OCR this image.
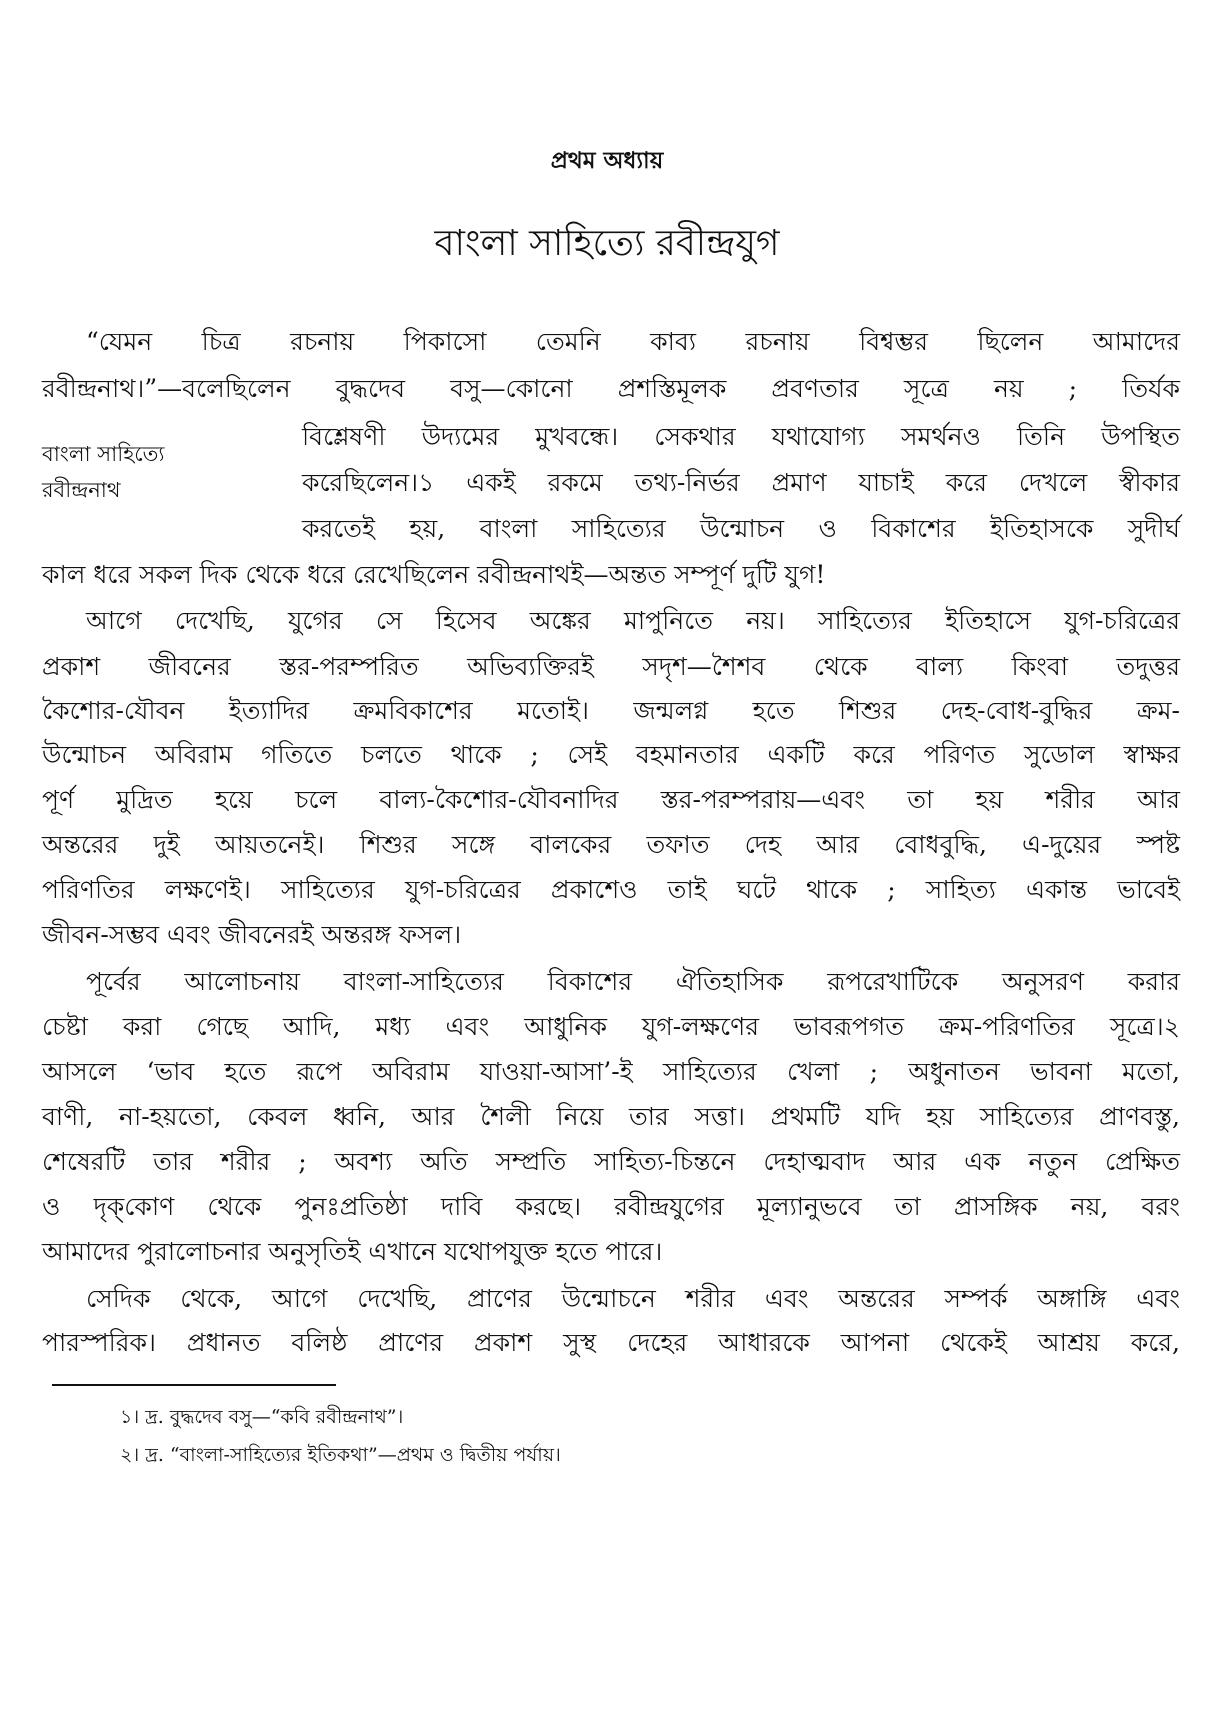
প্রথম অধ্যায়
বাংলা সাহিত্যে রবীন্দ্রযুগ
বাংলা সাহিত্যে
রবীন্দ্রনাথ
“যেমন চিত্র রচনায় পিকাসো তেমনি কাব্য রচনায় বিশ্বম্ভর ছিলেন আমাদের
রবীন্দ্রনাথ।”—বলেছিলেন বুদ্ধদেব বসু—কোনো প্রশস্তিমূলক প্রবণতার সূত্রে নয় ; তির্যক
বিশ্লেষণী উদ্যমের মুখবন্ধে। সেকথার যথাযোগ্য সমর্থনও তিনি উপস্থিত
করেছিলেন।১ একই রকমে তথ্য-নির্ভর প্রমাণ যাচাই করে দেখলে স্বীকার
করতেই হয়, বাংলা সাহিত্যের উন্মোচন ও বিকাশের ইতিহাসকে সুদীর্ঘ
কাল ধরে সকল দিক থেকে ধরে রেখেছিলেন রবীন্দ্রনাথই—অন্তত সম্পূর্ণ দুটি যুগ!
আগে দেখেছি, যুগের সে হিসেব অঙ্কের মাপুনিতে নয়। সাহিত্যের ইতিহাসে যুগ-চরিত্রের
প্রকাশ জীবনের স্তর-পরম্পরিত অভিব্যক্তিরই সদৃশ—শৈশব থেকে বাল্য কিংবা তদুত্তর
কৈশোর-যৌবন ইত্যাদির ক্রমবিকাশের মতোই। জন্মলগ্ন হতে শিশুর দেহ-বোধ-বুদ্ধির ক্রম-
উন্মোচন অবিরাম গতিতে চলতে থাকে ; সেই বহমানতার একটি করে পরিণত সুডোল স্বাক্ষর
পূর্ণ মুদ্রিত হয়ে চলে বাল্য-কৈশোর-যৌবনাদির স্তর-পরম্পরায়—এবং তা হয় শরীর আর
অন্তরের দুই আয়তনেই। শিশুর সঙ্গে বালকের তফাত দেহ আর বোধবুদ্ধি, এ-দুয়ের স্পষ্ট
পরিণতির লক্ষণেই। সাহিত্যের যুগ-চরিত্রের প্রকাশেও তাই ঘটে থাকে ; সাহিত্য একান্ত ভাবেই
জীবন-সম্ভব এবং জীবনেরই অন্তরঙ্গ ফসল।
পূর্বের আলোচনায় বাংলা-সাহিত্যের বিকাশের ঐতিহাসিক রূপরেখাটিকে অনুসরণ করার
চেষ্টা করা গেছে আদি, মধ্য এবং আধুনিক যুগ-লক্ষণের ভাবরূপগত ক্রম-পরিণতির সূত্রে।২
আসলে ‘ভাব হতে রূপে অবিরাম যাওয়া-আসা’-ই সাহিত্যের খেলা ; অধুনাতন ভাবনা মতো,
বাণী, না-হয়তো, কেবল ধ্বনি, আর শৈলী নিয়ে তার সত্তা। প্রথমটি যদি হয় সাহিত্যের প্রাণবস্তু,
শেষেরটি তার শরীর ; অবশ্য অতি সম্প্রতি সাহিত্য-চিন্তনে দেহাত্মবাদ আর এক নতুন প্রেক্ষিত
ও দৃক্‌কোণ থেকে পুনঃপ্রতিষ্ঠা দাবি করছে। রবীন্দ্রযুগের মূল্যানুভবে তা প্রাসঙ্গিক নয়, বরং
আমাদের পুরালোচনার অনুসৃতিই এখানে যথোপযুক্ত হতে পারে।
সেদিক থেকে, আগে দেখেছি, প্রাণের উন্মোচনে শরীর এবং অন্তরের সম্পর্ক অঙ্গাঙ্গি এবং
পারস্পরিক। প্রধানত বলিষ্ঠ প্রাণের প্রকাশ সুস্থ দেহের আধারকে আপনা থেকেই আশ্রয় করে,
১। দ্র. বুদ্ধদেব বসু—“কবি রবীন্দ্রনাথ”।
২। দ্র. “বাংলা-সাহিত্যের ইতিকথা”—প্রথম ও দ্বিতীয় পর্যায়।
